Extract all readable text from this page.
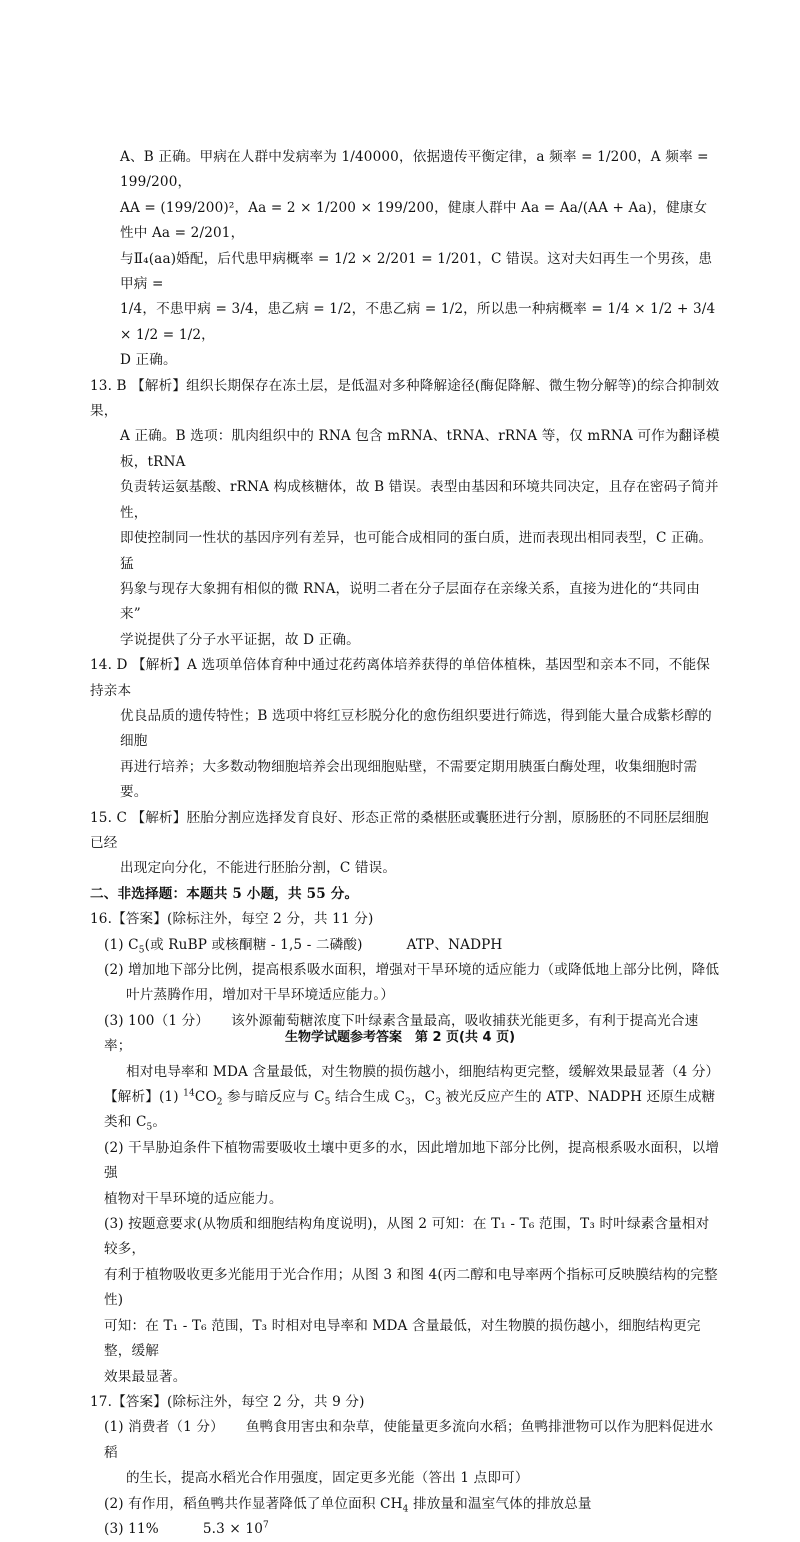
A、B 正确。甲病在人群中发病率为 1/40000，依据遗传平衡定律，a 频率 = 1/200，A 频率 = 199/200，

AA = (199/200)²，Aa = 2 × 1/200 × 199/200，健康人群中 Aa = Aa/(AA + Aa)，健康女性中 Aa = 2/201，

与Ⅱ₄(aa)婚配，后代患甲病概率 = 1/2 × 2/201 = 1/201，C 错误。这对夫妇再生一个男孩，患甲病 =

1/4，不患甲病 = 3/4，患乙病 = 1/2，不患乙病 = 1/2，所以患一种病概率 = 1/4 × 1/2 + 3/4 × 1/2 = 1/2，

D 正确。

13. B 【解析】组织长期保存在冻土层，是低温对多种降解途径(酶促降解、微生物分解等)的综合抑制效果，

A 正确。B 选项：肌肉组织中的 RNA 包含 mRNA、tRNA、rRNA 等，仅 mRNA 可作为翻译模板，tRNA

负责转运氨基酸、rRNA 构成核糖体，故 B 错误。表型由基因和环境共同决定，且存在密码子简并性，

即使控制同一性状的基因序列有差异，也可能合成相同的蛋白质，进而表现出相同表型，C 正确。猛

犸象与现存大象拥有相似的微 RNA，说明二者在分子层面存在亲缘关系，直接为进化的“共同由来”

学说提供了分子水平证据，故 D 正确。

14. D 【解析】A 选项单倍体育种中通过花药离体培养获得的单倍体植株，基因型和亲本不同，不能保持亲本

优良品质的遗传特性；B 选项中将红豆杉脱分化的愈伤组织要进行筛选，得到能大量合成紫杉醇的细胞

再进行培养；大多数动物细胞培养会出现细胞贴壁，不需要定期用胰蛋白酶处理，收集细胞时需要。

15. C 【解析】胚胎分割应选择发育良好、形态正常的桑椹胚或囊胚进行分割，原肠胚的不同胚层细胞已经

出现定向分化，不能进行胚胎分割，C 错误。

二、非选择题：本题共 5 小题，共 55 分。

16.【答案】(除标注外，每空 2 分，共 11 分)

(1) $C_5$(或 RuBP 或核酮糖 - 1,5 - 二磷酸)	ATP、NADPH

(2) 增加地下部分比例，提高根系吸水面积，增强对干旱环境的适应能力（或降低地上部分比例，降低

叶片蒸腾作用，增加对干旱环境适应能力。）

(3) 100（1 分） 该外源葡萄糖浓度下叶绿素含量最高，吸收捕获光能更多，有利于提高光合速率；

相对电导率和 MDA 含量最低，对生物膜的损伤越小，细胞结构更完整，缓解效果最显著（4 分）

【解析】(1) $^{14}CO_2$ 参与暗反应与 $C_5$ 结合生成 $C_3$，$C_3$ 被光反应产生的 ATP、NADPH 还原生成糖类和 $C_5$。

(2) 干旱胁迫条件下植物需要吸收土壤中更多的水，因此增加地下部分比例，提高根系吸水面积，以增强

植物对干旱环境的适应能力。

(3) 按题意要求(从物质和细胞结构角度说明)，从图 2 可知：在 T₁ - T₆ 范围，T₃ 时叶绿素含量相对较多，

有利于植物吸收更多光能用于光合作用；从图 3 和图 4(丙二醇和电导率两个指标可反映膜结构的完整性)

可知：在 T₁ - T₆ 范围，T₃ 时相对电导率和 MDA 含量最低，对生物膜的损伤越小，细胞结构更完整，缓解

效果最显著。

17.【答案】(除标注外，每空 2 分，共 9 分)

(1) 消费者（1 分） 鱼鸭食用害虫和杂草，使能量更多流向水稻；鱼鸭排泄物可以作为肥料促进水稻

的生长，提高水稻光合作用强度，固定更多光能（答出 1 点即可）

(2) 有作用，稻鱼鸭共作显著降低了单位面积 $CH_4$ 排放量和温室气体的排放总量

(3) 11%	$5.3 \times 10^7$

生物学试题参考答案　第 2 页(共 4 页)
